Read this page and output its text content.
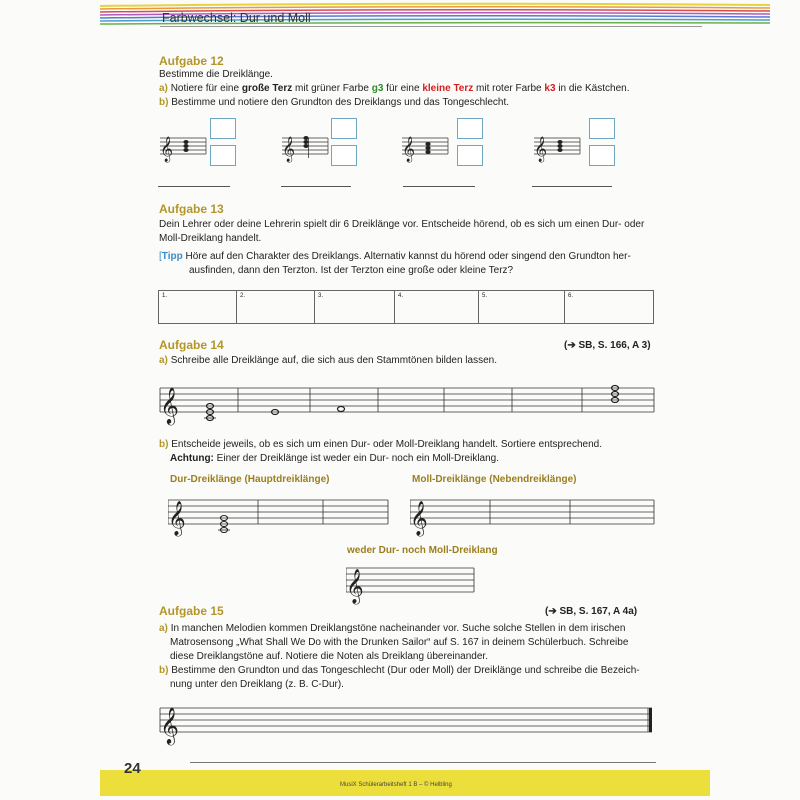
Farbwechsel: Dur und Moll
Aufgabe 12
Bestimme die Dreiklänge.
a) Notiere für eine große Terz mit grüner Farbe g3 für eine kleine Terz mit roter Farbe k3 in die Kästchen.
b) Bestimme und notiere den Grundton des Dreiklangs und das Tongeschlecht.
𝄞	𝄞	𝄞	𝄞
Aufgabe 13
Dein Lehrer oder deine Lehrerin spielt dir 6 Dreiklänge vor. Entscheide hörend, ob es sich um einen Dur- oder
Moll-Dreiklang handelt.
[Tipp Höre auf den Charakter des Dreiklangs. Alternativ kannst du hörend oder singend den Grundton her-
ausfinden, dann den Terzton. Ist der Terzton eine große oder kleine Terz?
1.	2.	3.	4.	5.	6.
Aufgabe 14	(➔ SB, S. 166, A 3)
a) Schreibe alle Dreiklänge auf, die sich aus den Stammtönen bilden lassen.
𝄞
b) Entscheide jeweils, ob es sich um einen Dur- oder Moll-Dreiklang handelt. Sortiere entsprechend.
Achtung: Einer der Dreiklänge ist weder ein Dur- noch ein Moll-Dreiklang.
Dur-Dreiklänge (Hauptdreiklänge)	Moll-Dreiklänge (Nebendreiklänge)
𝄞	𝄞
weder Dur- noch Moll-Dreiklang
𝄞
Aufgabe 15	(➔ SB, S. 167, A 4a)
a) In manchen Melodien kommen Dreiklangstöne nacheinander vor. Suche solche Stellen in dem irischen
Matrosensong „What Shall We Do with the Drunken Sailor“ auf S. 167 in deinem Schülerbuch. Schreibe
diese Dreiklangstöne auf. Notiere die Noten als Dreiklang übereinander.
b) Bestimme den Grundton und das Tongeschlecht (Dur oder Moll) der Dreiklänge und schreibe die Bezeich-
nung unter den Dreiklang (z. B. C-Dur).
𝄞
24
MusiX Schülerarbeitsheft 1 B – © Helbling
